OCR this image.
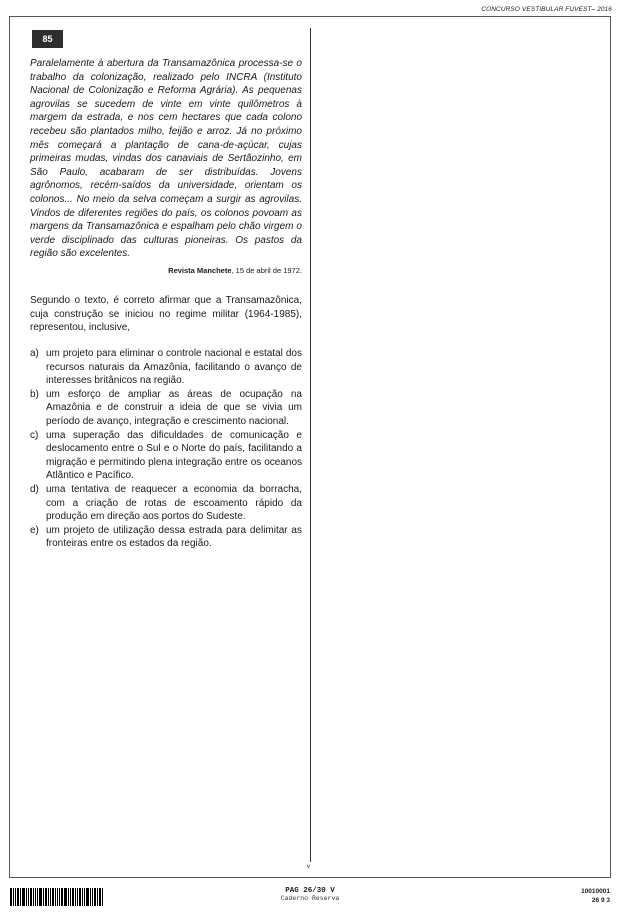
CONCURSO VESTIBULAR FUVEST– 2016
v
85
Paralelamente à abertura da Transamazônica processa-se o trabalho da colonização, realizado pelo INCRA (Instituto Nacional de Colonização e Reforma Agrária). As pequenas agrovilas se sucedem de vinte em vinte quilômetros à margem da estrada, e nos cem hectares que cada colono recebeu são plantados milho, feijão e arroz. Já no próximo mês começará a plantação de cana-de-açúcar, cujas primeiras mudas, vindas dos canaviais de Sertãozinho, em São Paulo, acabaram de ser distribuídas. Jovens agrônomos, recém-saídos da universidade, orientam os colonos... No meio da selva começam a surgir as agrovilas. Vindos de diferentes regiões do país, os colonos povoam as margens da Transamazônica e espalham pelo chão virgem o verde disciplinado das culturas pioneiras. Os pastos da região são excelentes.
Revista Manchete, 15 de abril de 1972.
Segundo o texto, é correto afirmar que a Transamazônica, cuja construção se iniciou no regime militar (1964-1985), representou, inclusive,
a) um projeto para eliminar o controle nacional e estatal dos recursos naturais da Amazônia, facilitando o avanço de interesses britânicos na região.
b) um esforço de ampliar as áreas de ocupação na Amazônia e de construir a ideia de que se vivia um período de avanço, integração e crescimento nacional.
c) uma superação das dificuldades de comunicação e deslocamento entre o Sul e o Norte do país, facilitando a migração e permitindo plena integração entre os oceanos Atlântico e Pacífico.
d) uma tentativa de reaquecer a economia da borracha, com a criação de rotas de escoamento rápido da produção em direção aos portos do Sudeste.
e) um projeto de utilização dessa estrada para delimitar as fronteiras entre os estados da região.
PAG 26/30 V
Caderno Reserva
10010001
26 9 3
